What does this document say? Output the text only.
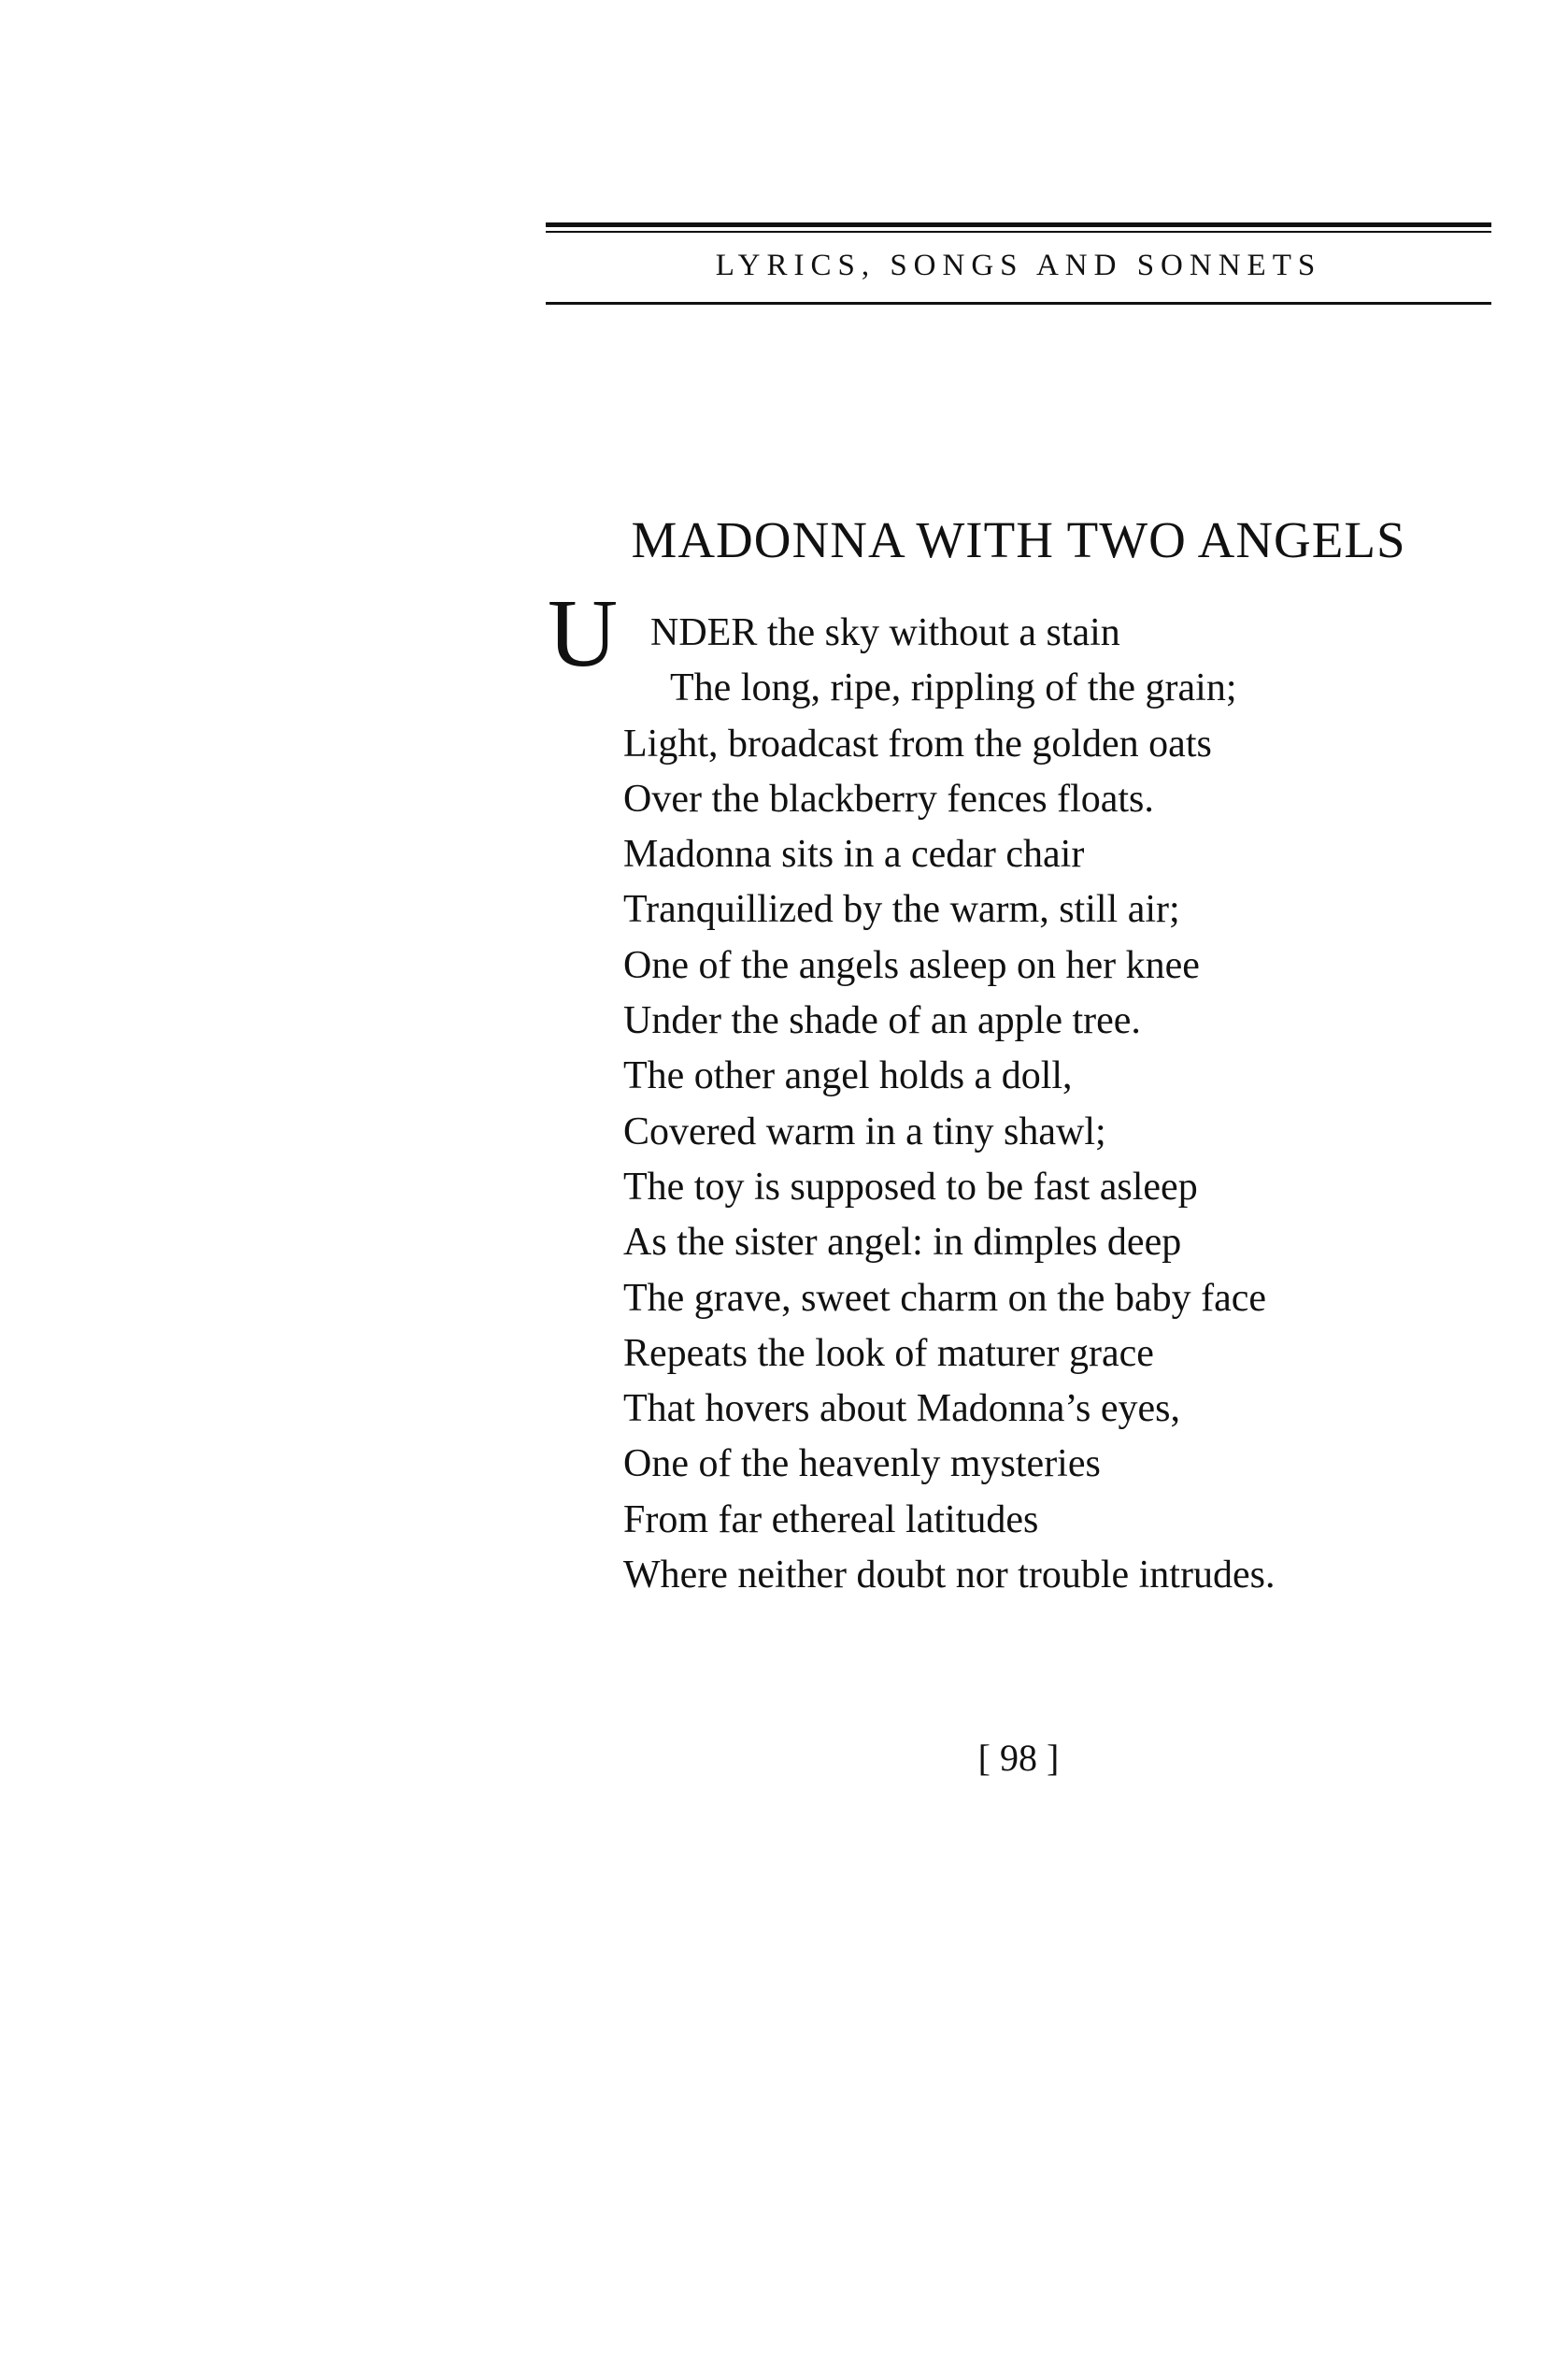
LYRICS, SONGS AND SONNETS
MADONNA WITH TWO ANGELS
U NDER the sky without a stain
The long, ripe, rippling of the grain;
Light, broadcast from the golden oats
Over the blackberry fences floats.
Madonna sits in a cedar chair
Tranquillized by the warm, still air;
One of the angels asleep on her knee
Under the shade of an apple tree.
The other angel holds a doll,
Covered warm in a tiny shawl;
The toy is supposed to be fast asleep
As the sister angel: in dimples deep
The grave, sweet charm on the baby face
Repeats the look of maturer grace
That hovers about Madonna’s eyes,
One of the heavenly mysteries
From far ethereal latitudes
Where neither doubt nor trouble intrudes.
[ 98 ]
